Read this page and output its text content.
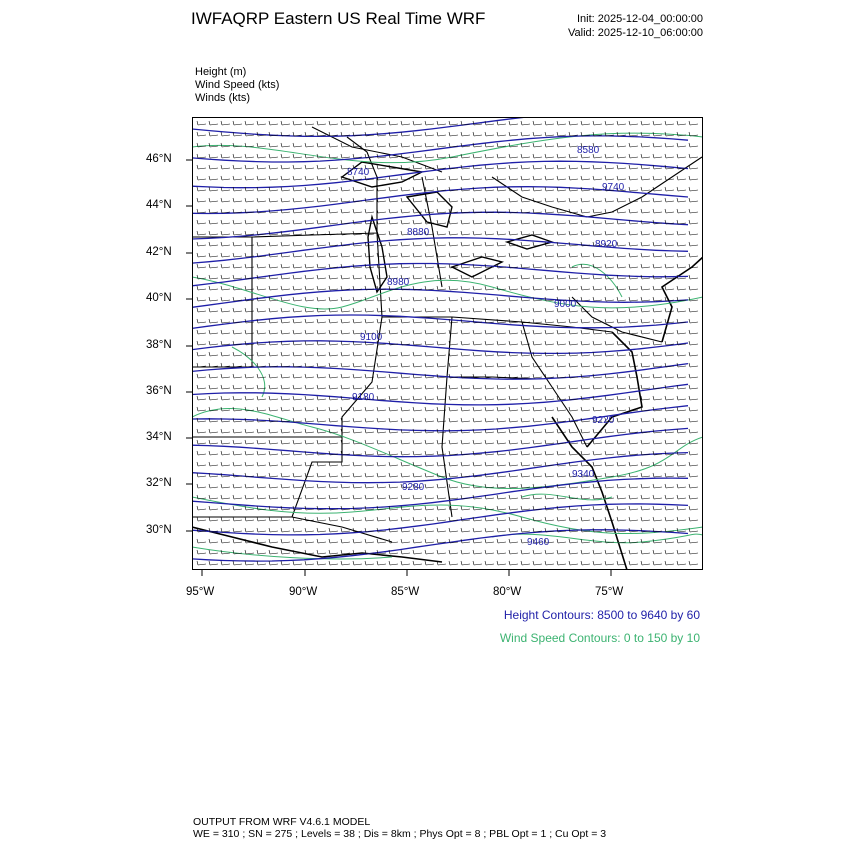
IWFAQRP Eastern US Real Time WRF	Init: 2025-12-04_00:00:00
Valid: 2025-12-10_06:00:00
Height (m)
Wind Speed (kts)
Winds (kts)
8580
9740
8740
8880
8920
8980
9000
9100
9180
9220
9280
9340
9460
46°N
44°N
42°N
40°N
38°N
36°N
34°N
32°N
30°N
95°W	90°W	85°W	80°W	75°W
Height Contours: 8500 to 9640 by 60
Wind Speed Contours: 0 to 150 by 10
OUTPUT FROM WRF V4.6.1 MODEL
WE = 310 ; SN = 275 ; Levels = 38 ; Dis = 8km ; Phys Opt = 8 ; PBL Opt = 1 ; Cu Opt = 3
